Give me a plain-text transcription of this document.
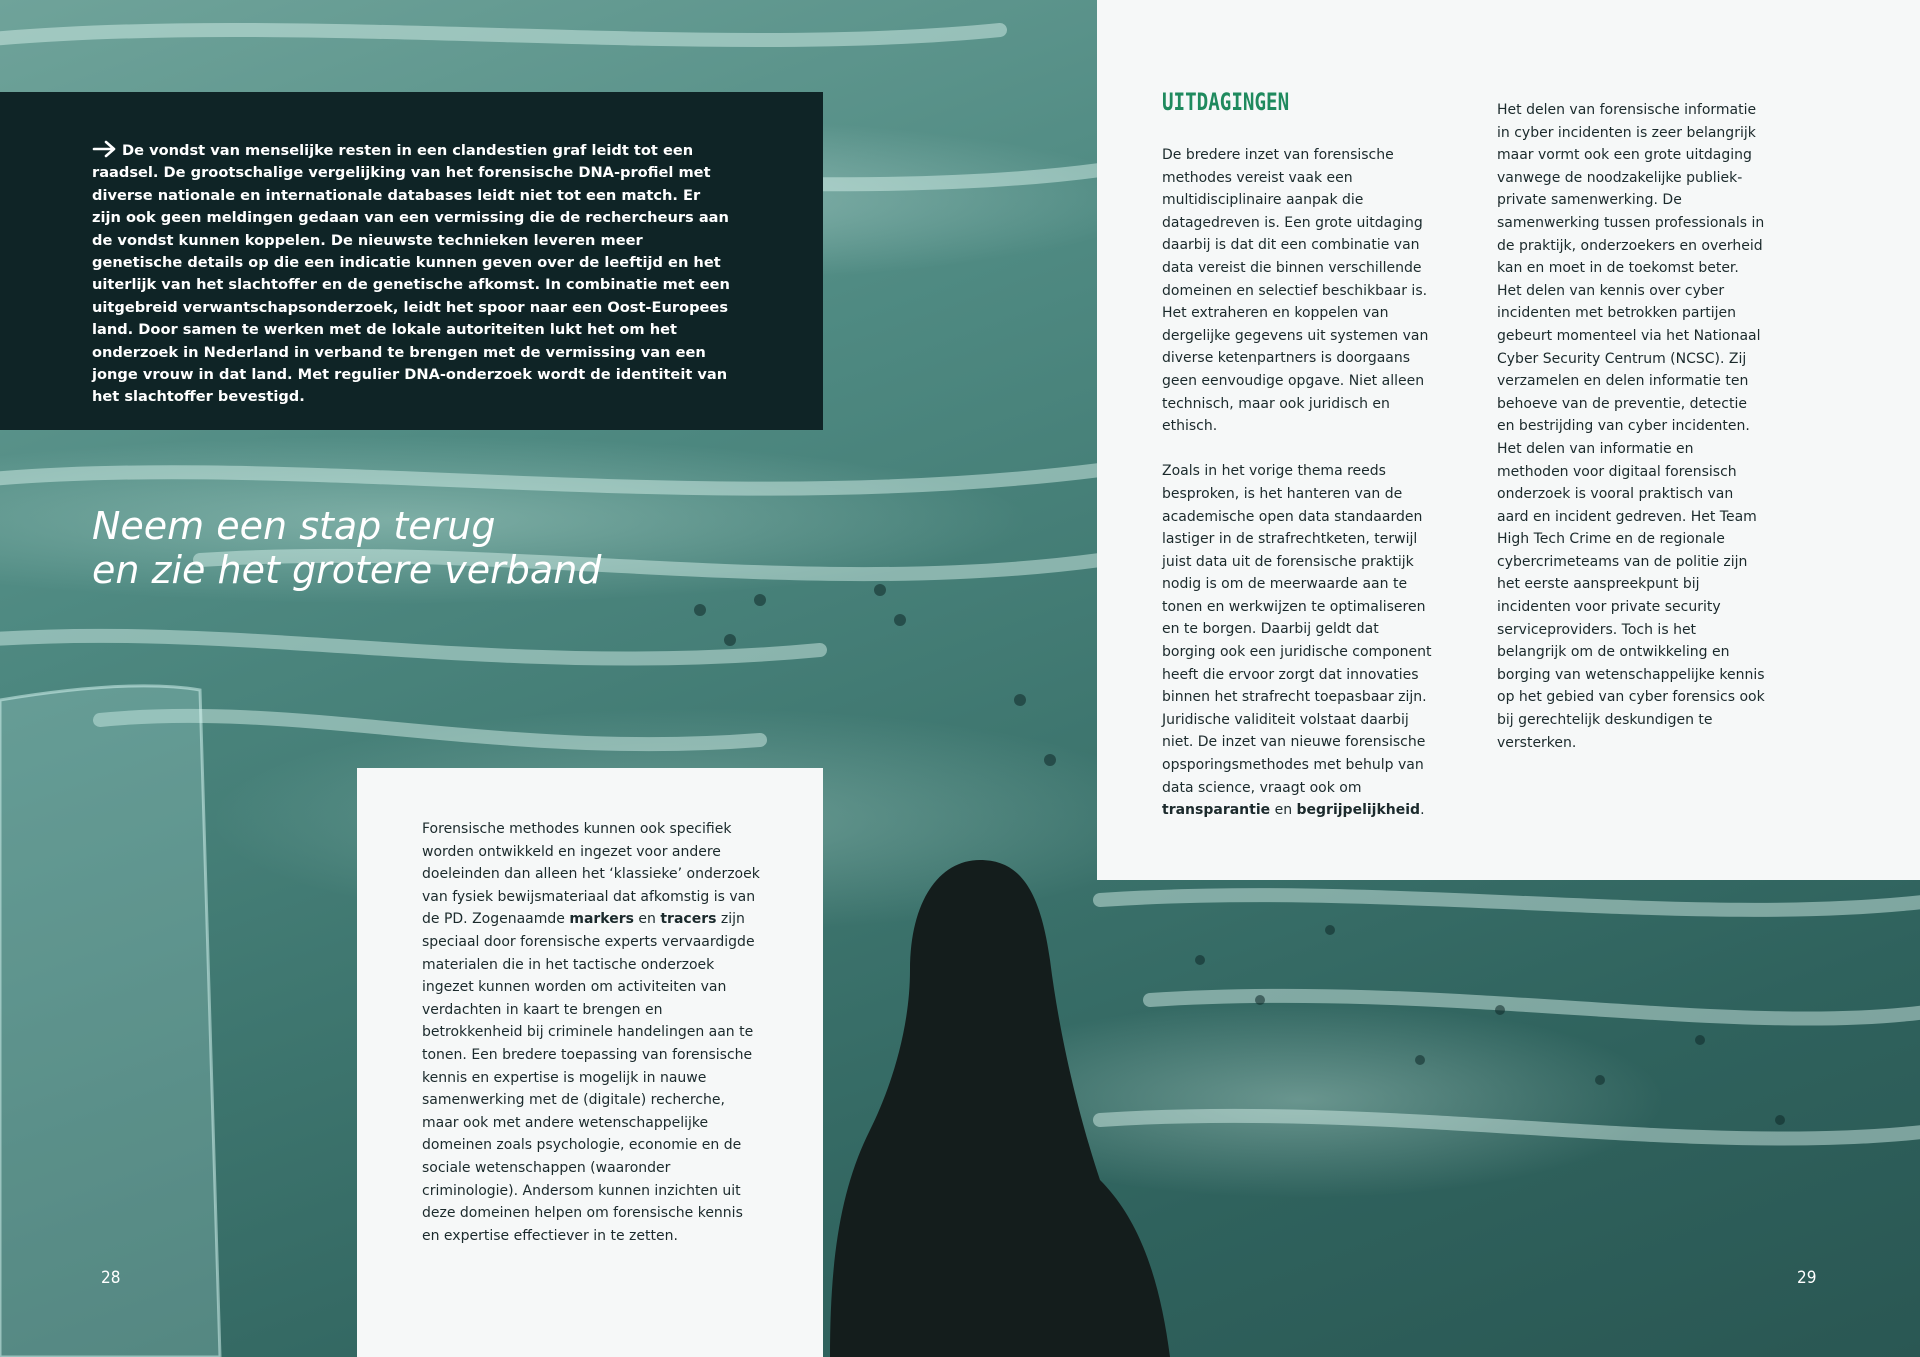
De vondst van menselijke resten in een clandestien graf leidt tot een raadsel. De grootschalige vergelijking van het forensische DNA-profiel met diverse nationale en internationale databases leidt niet tot een match. Er zijn ook geen meldingen gedaan van een vermissing die de rechercheurs aan de vondst kunnen koppelen. De nieuwste technieken leveren meer genetische details op die een indicatie kunnen geven over de leeftijd en het uiterlijk van het slachtoffer en de genetische afkomst. In combinatie met een uitgebreid verwantschapsonderzoek, leidt het spoor naar een Oost-Europees land. Door samen te werken met de lokale autoriteiten lukt het om het onderzoek in Nederland in verband te brengen met de vermissing van een jonge vrouw in dat land. Met regulier DNA-onderzoek wordt de identiteit van het slachtoffer bevestigd.
Neem een stap terug
en zie het grotere verband
Forensische methodes kunnen ook specifiek worden ontwikkeld en ingezet voor andere doeleinden dan alleen het ‘klassieke’ onderzoek van fysiek bewijsmateriaal dat afkomstig is van de PD. Zogenaamde markers en tracers zijn speciaal door forensische experts vervaardigde materialen die in het tactische onderzoek ingezet kunnen worden om activiteiten van verdachten in kaart te brengen en betrokkenheid bij criminele handelingen aan te tonen. Een bredere toepassing van forensische kennis en expertise is mogelijk in nauwe samenwerking met de (digitale) recherche, maar ook met andere wetenschappelijke domeinen zoals psychologie, economie en de sociale wetenschappen (waaronder criminologie). Andersom kunnen inzichten uit deze domeinen helpen om forensische kennis en expertise effectiever in te zetten.
28
UITDAGINGEN

De bredere inzet van forensische methodes vereist vaak een multidisciplinaire aanpak die datagedreven is. Een grote uitdaging daarbij is dat dit een combinatie van data vereist die binnen verschillende domeinen en selectief beschikbaar is. Het extraheren en koppelen van dergelijke gegevens uit systemen van diverse ketenpartners is doorgaans geen eenvoudige opgave. Niet alleen technisch, maar ook juridisch en ethisch.

Zoals in het vorige thema reeds besproken, is het hanteren van de academische open data standaarden lastiger in de strafrechtketen, terwijl juist data uit de forensische praktijk nodig is om de meerwaarde aan te tonen en werkwijzen te optimaliseren en te borgen. Daarbij geldt dat borging ook een juridische component heeft die ervoor zorgt dat innovaties binnen het strafrecht toepasbaar zijn. Juridische validiteit volstaat daarbij niet. De inzet van nieuwe forensische opsporingsmethodes met behulp van data science, vraagt ook om transparantie en begrijpelijkheid.

Het delen van forensische informatie in cyber incidenten is zeer belangrijk maar vormt ook een grote uitdaging vanwege de noodzakelijke publiek-private samenwerking. De samenwerking tussen professionals in de praktijk, onderzoekers en overheid kan en moet in de toekomst beter. Het delen van kennis over cyber incidenten met betrokken partijen gebeurt momenteel via het Nationaal Cyber Security Centrum (NCSC). Zij verzamelen en delen informatie ten behoeve van de preventie, detectie en bestrijding van cyber incidenten. Het delen van informatie en methoden voor digitaal forensisch onderzoek is vooral praktisch van aard en incident gedreven. Het Team High Tech Crime en de regionale cybercrimeteams van de politie zijn het eerste aanspreekpunt bij incidenten voor private security serviceproviders. Toch is het belangrijk om de ontwikkeling en borging van wetenschappelijke kennis op het gebied van cyber forensics ook bij gerechtelijk deskundigen te versterken.

29
